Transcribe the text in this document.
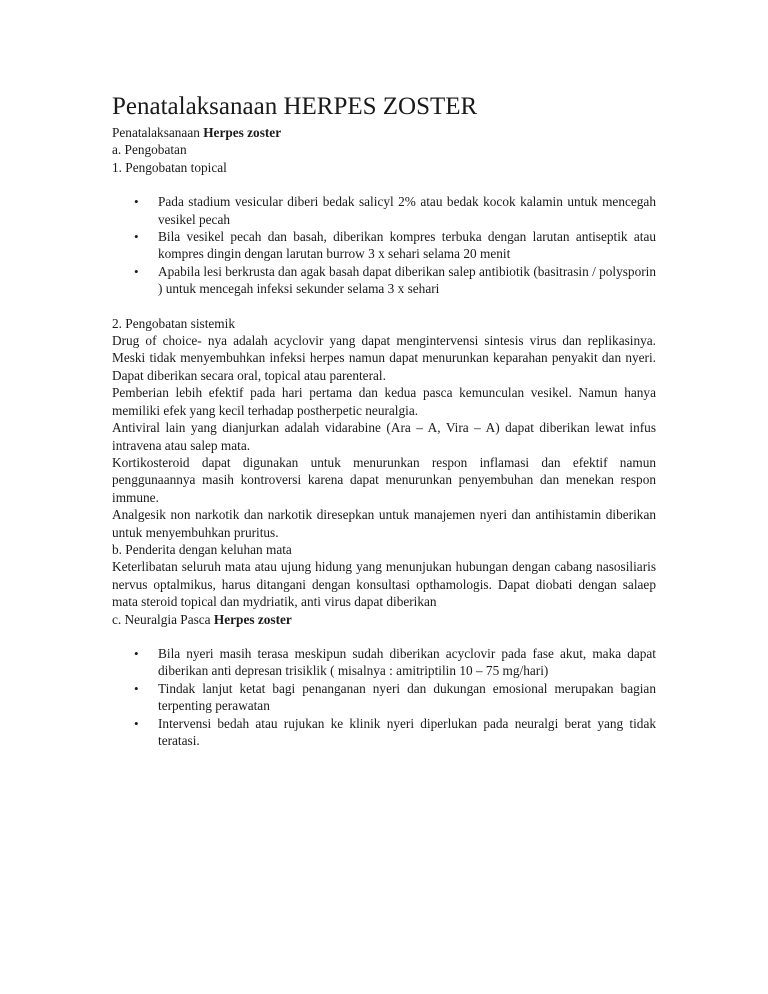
Penatalaksanaan HERPES ZOSTER

Penatalaksanaan Herpes zoster

a. Pengobatan

1. Pengobatan topical

• Pada stadium vesicular diberi bedak salicyl 2% atau bedak kocok kalamin untuk mencegah vesikel pecah
• Bila vesikel pecah dan basah, diberikan kompres terbuka dengan larutan antiseptik atau kompres dingin dengan larutan burrow 3 x sehari selama 20 menit
• Apabila lesi berkrusta dan agak basah dapat diberikan salep antibiotik (basitrasin / polysporin ) untuk mencegah infeksi sekunder selama 3 x sehari

2. Pengobatan sistemik

Drug of choice- nya adalah acyclovir yang dapat mengintervensi sintesis virus dan replikasinya. Meski tidak menyembuhkan infeksi herpes namun dapat menurunkan keparahan penyakit dan nyeri. Dapat diberikan secara oral, topical atau parenteral.

Pemberian lebih efektif pada hari pertama dan kedua pasca kemunculan vesikel. Namun hanya memiliki efek yang kecil terhadap postherpetic neuralgia.

Antiviral lain yang dianjurkan adalah vidarabine (Ara – A, Vira – A) dapat diberikan lewat infus intravena atau salep mata.

Kortikosteroid dapat digunakan untuk menurunkan respon inflamasi dan efektif namun penggunaannya masih kontroversi karena dapat menurunkan penyembuhan dan menekan respon immune.

Analgesik non narkotik dan narkotik diresepkan untuk manajemen nyeri dan antihistamin diberikan untuk menyembuhkan pruritus.

b. Penderita dengan keluhan mata

Keterlibatan seluruh mata atau ujung hidung yang menunjukan hubungan dengan cabang nasosiliaris nervus optalmikus, harus ditangani dengan konsultasi opthamologis. Dapat diobati dengan salaep mata steroid topical dan mydriatik, anti virus dapat diberikan

c. Neuralgia Pasca Herpes zoster

• Bila nyeri masih terasa meskipun sudah diberikan acyclovir pada fase akut, maka dapat diberikan anti depresan trisiklik ( misalnya : amitriptilin 10 – 75 mg/hari)
• Tindak lanjut ketat bagi penanganan nyeri dan dukungan emosional merupakan bagian terpenting perawatan
• Intervensi bedah atau rujukan ke klinik nyeri diperlukan pada neuralgi berat yang tidak teratasi.
